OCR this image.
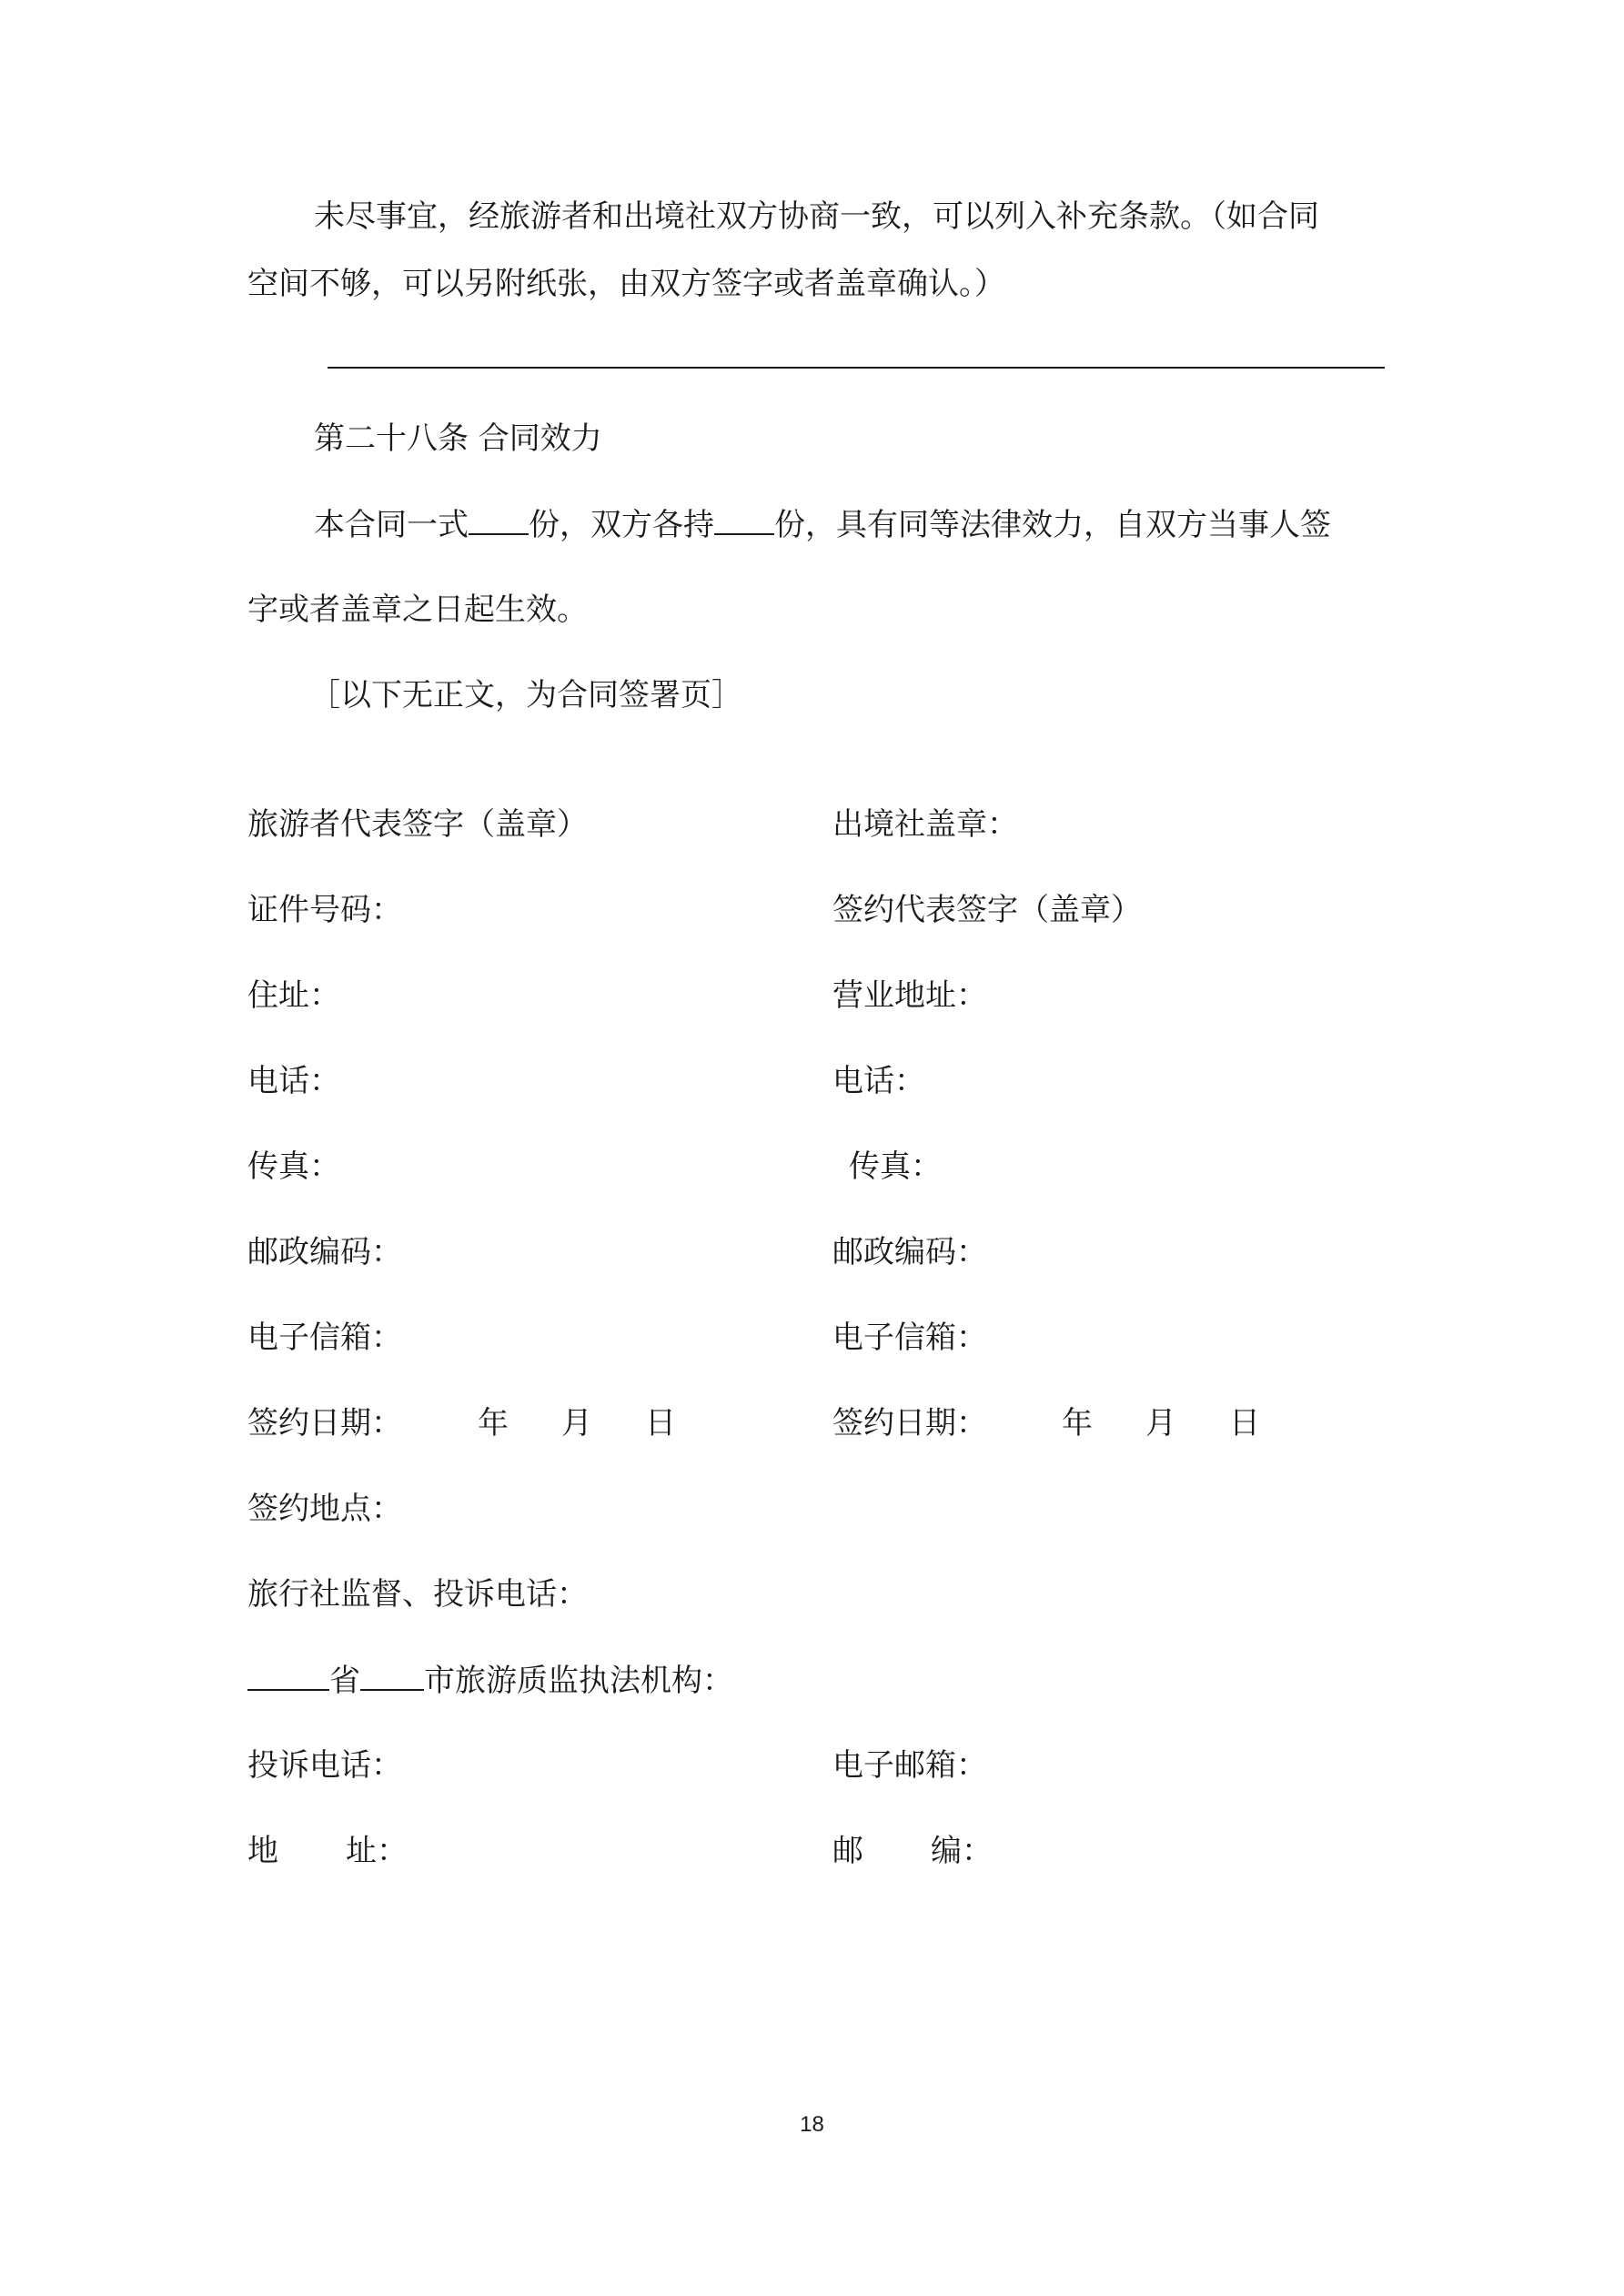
未尽事宜，经旅游者和出境社双方协商一致，可以列入补充条款。（如合同
空间不够，可以另附纸张，由双方签字或者盖章确认。）
第二十八条 合同效力
本合同一式 份，双方各持 份，具有同等法律效力，自双方当事人签
字或者盖章之日起生效。
［以下无正文，为合同签署页］
旅游者代表签字（盖章）
证件号码：
住址：
电话：
传真：
邮政编码：
电子信箱：
签约日期： 年 月 日
出境社盖章：
签约代表签字（盖章）
营业地址：
电话：
传真：
邮政编码：
电子信箱：
签约日期： 年 月 日
签约地点：
旅行社监督、投诉电话：
省 市旅游质监执法机构：
投诉电话：	电子邮箱：
地 址：	邮 编：
18
